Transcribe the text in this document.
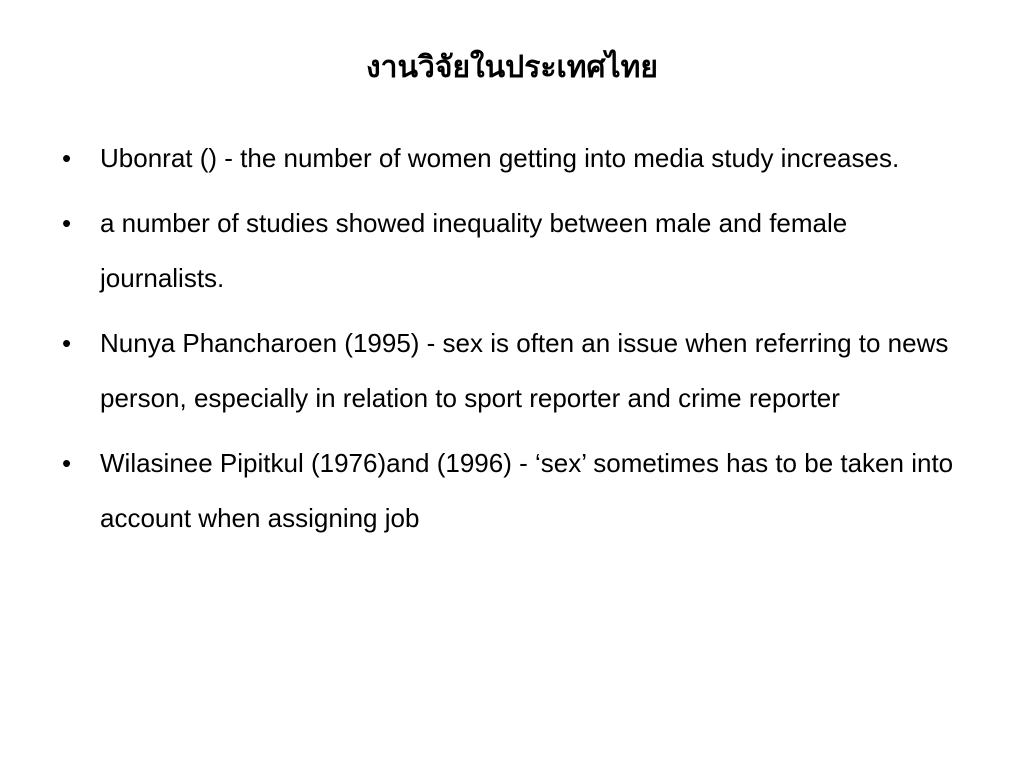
งานวิจัยในประเทศไทย
• Ubonrat () - the number of women getting into media study increases.
• a number of studies showed inequality between male and female journalists.
• Nunya Phancharoen (1995) - sex is often an issue when referring to news person, especially in relation to sport reporter and crime reporter
• Wilasinee Pipitkul (1976)and (1996) - ‘sex’ sometimes has to be taken into account when assigning job
